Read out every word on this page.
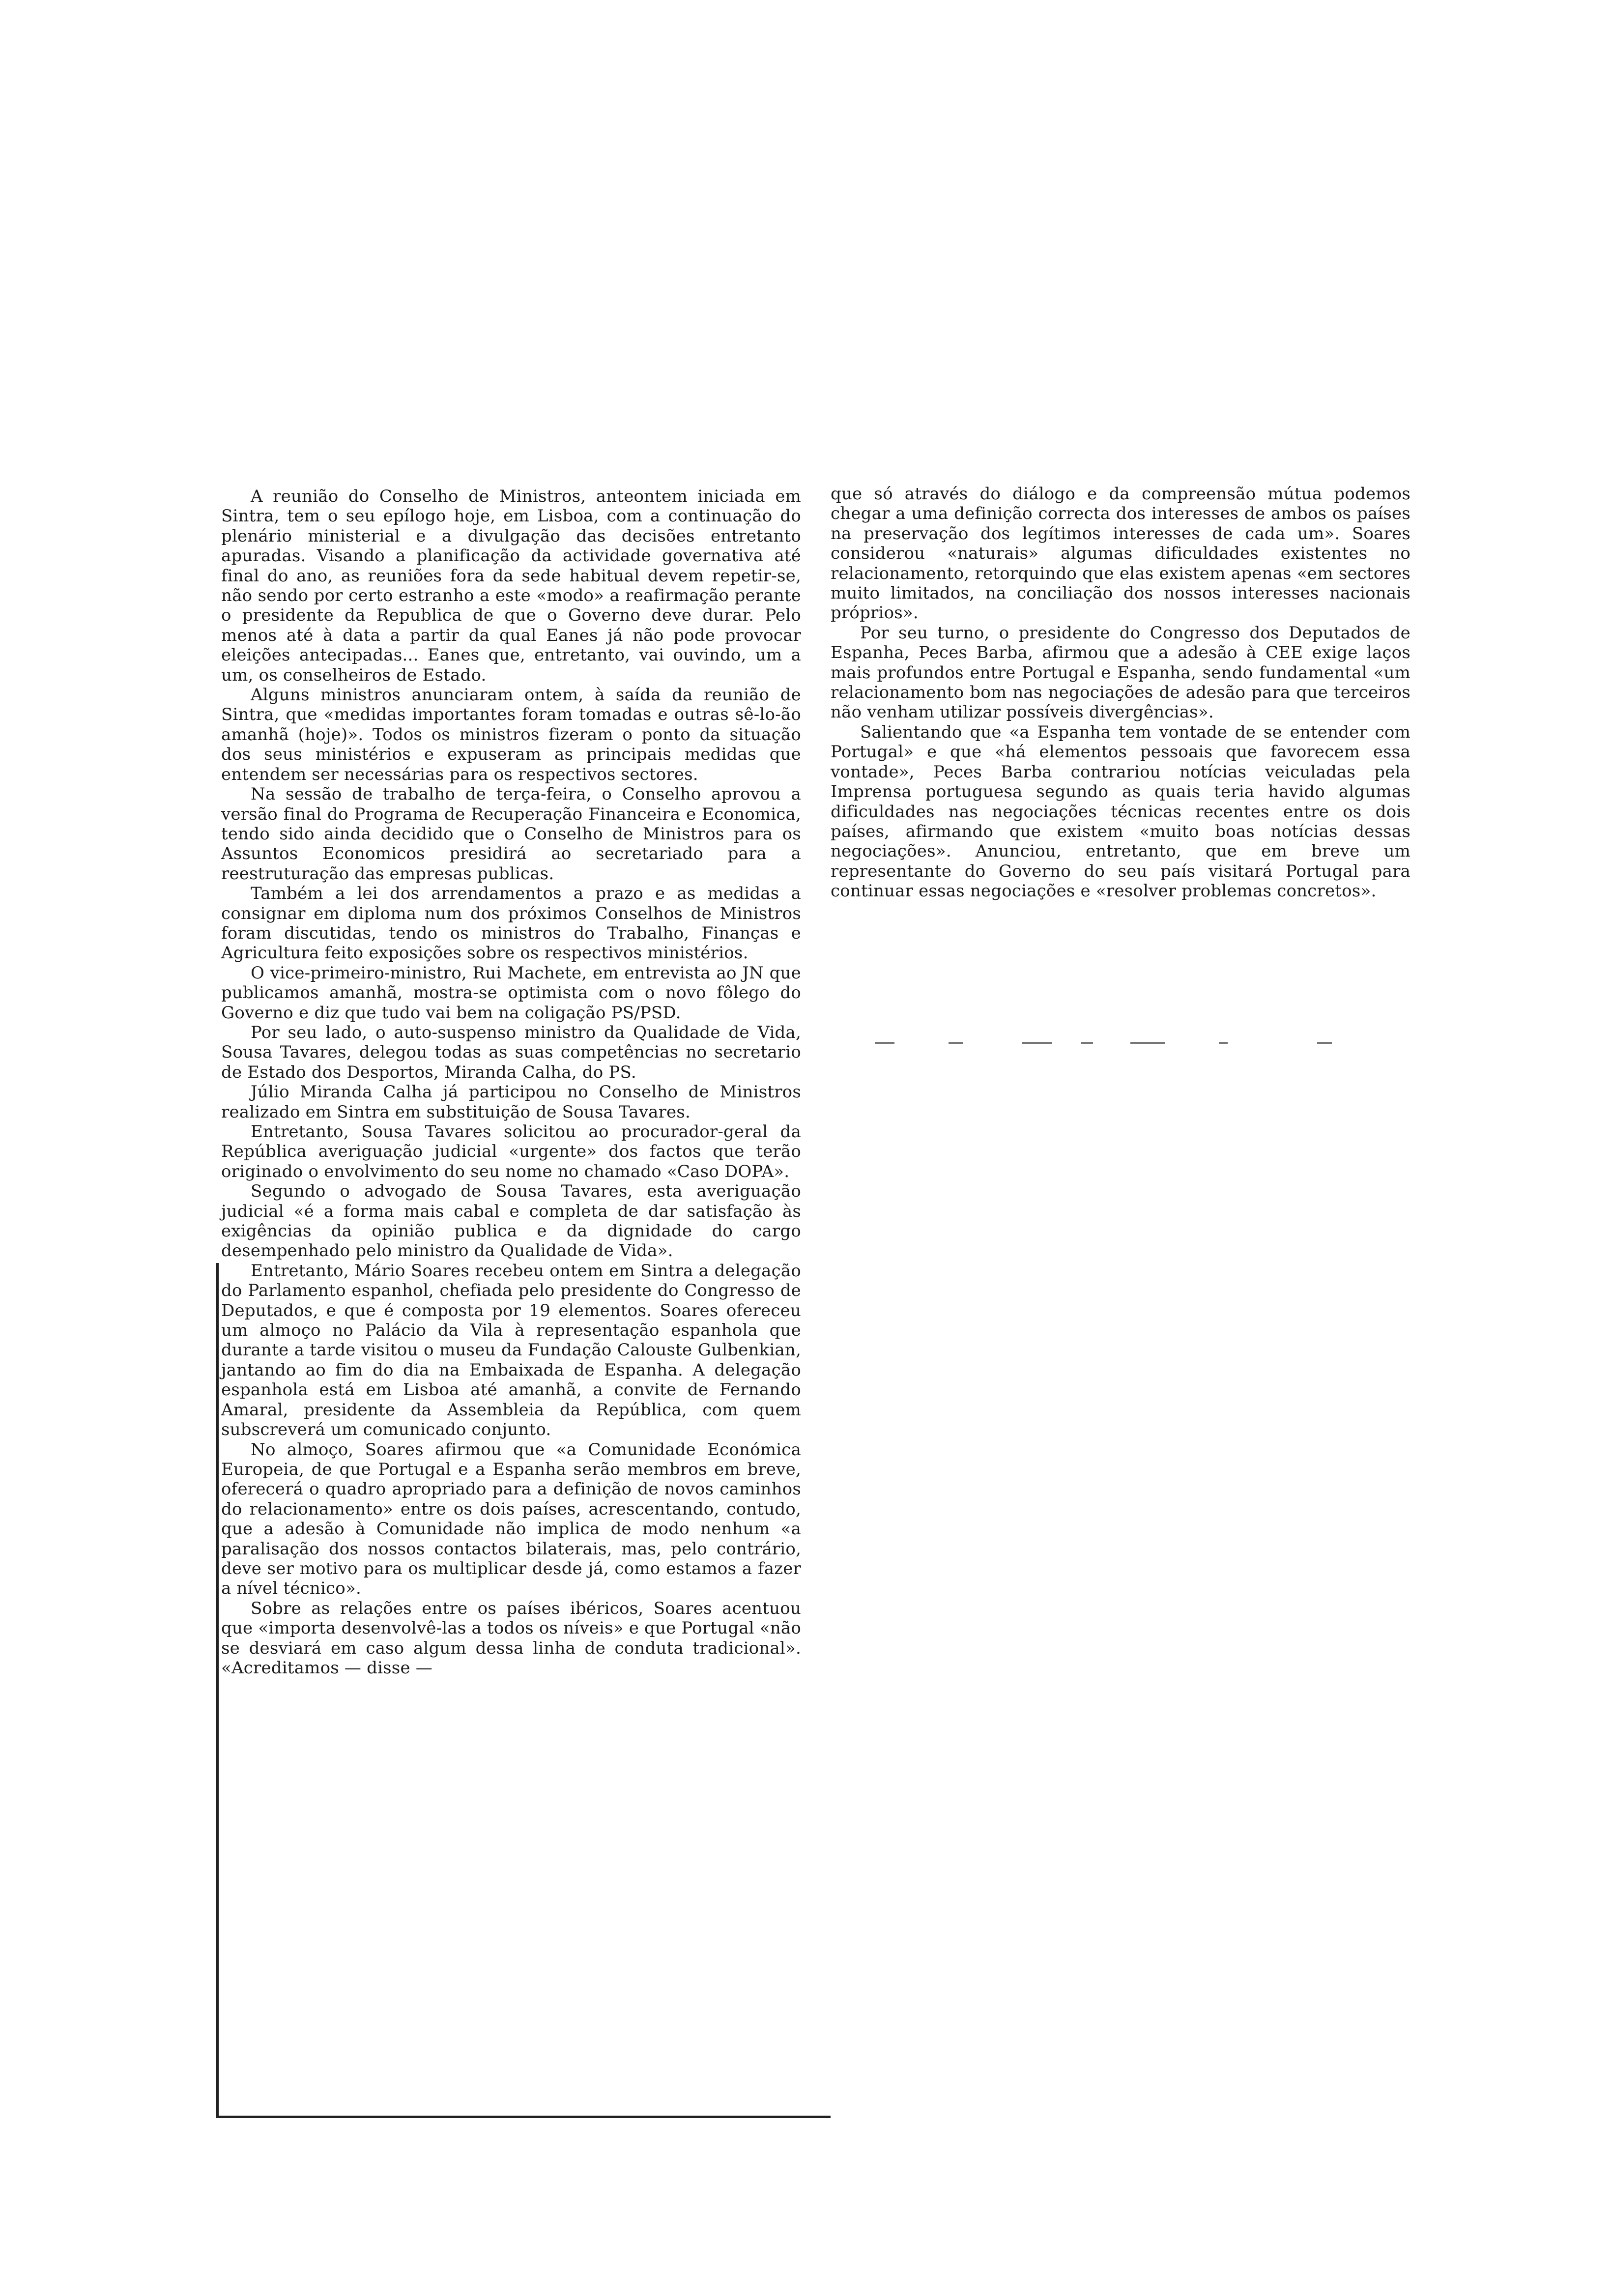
A reunião do Conselho de Ministros, anteontem iniciada em Sintra, tem o seu epílogo hoje, em Lisboa, com a continuação do plenário ministerial e a divulgação das decisões entretanto apuradas. Visando a planificação da actividade governativa até final do ano, as reuniões fora da sede habitual devem repetir-se, não sendo por certo estranho a este «modo» a reafirmação perante o presidente da Republica de que o Governo deve durar. Pelo menos até à data a partir da qual Eanes já não pode provocar eleições antecipadas... Eanes que, entretanto, vai ouvindo, um a um, os conselheiros de Estado.

Alguns ministros anunciaram ontem, à saída da reunião de Sintra, que «medidas importantes foram tomadas e outras sê-lo-ão amanhã (hoje)». Todos os ministros fizeram o ponto da situação dos seus ministérios e expuseram as principais medidas que entendem ser necessárias para os respectivos sectores.

Na sessão de trabalho de terça-feira, o Conselho aprovou a versão final do Programa de Recuperação Financeira e Economica, tendo sido ainda decidido que o Conselho de Ministros para os Assuntos Economicos presidirá ao secretariado para a reestruturação das empresas publicas.

Também a lei dos arrendamentos a prazo e as medidas a consignar em diploma num dos próximos Conselhos de Ministros foram discutidas, tendo os ministros do Trabalho, Finanças e Agricultura feito exposições sobre os respectivos ministérios.

O vice-primeiro-ministro, Rui Machete, em entrevista ao JN que publicamos amanhã, mostra-se optimista com o novo fôlego do Governo e diz que tudo vai bem na coligação PS/PSD.

Por seu lado, o auto-suspenso ministro da Qualidade de Vida, Sousa Tavares, delegou todas as suas competências no secretario de Estado dos Desportos, Miranda Calha, do PS.

Júlio Miranda Calha já participou no Conselho de Ministros realizado em Sintra em substituição de Sousa Tavares.

Entretanto, Sousa Tavares solicitou ao procurador-geral da República averiguação judicial «urgente» dos factos que terão originado o envolvimento do seu nome no chamado «Caso DOPA».

Segundo o advogado de Sousa Tavares, esta averiguação judicial «é a forma mais cabal e completa de dar satisfação às exigências da opinião publica e da dignidade do cargo desempenhado pelo ministro da Qualidade de Vida».

Entretanto, Mário Soares recebeu ontem em Sintra a delegação do Parlamento espanhol, chefiada pelo presidente do Congresso de Deputados, e que é composta por 19 elementos. Soares ofereceu um almoço no Palácio da Vila à representação espanhola que durante a tarde visitou o museu da Fundação Calouste Gulbenkian, jantando ao fim do dia na Embaixada de Espanha. A delegação espanhola está em Lisboa até amanhã, a convite de Fernando Amaral, presidente da Assembleia da República, com quem subscreverá um comunicado conjunto.

No almoço, Soares afirmou que «a Comunidade Económica Europeia, de que Portugal e a Espanha serão membros em breve, oferecerá o quadro apropriado para a definição de novos caminhos do relacionamento» entre os dois países, acrescentando, contudo, que a adesão à Comunidade não implica de modo nenhum «a paralisação dos nossos contactos bilaterais, mas, pelo contrário, deve ser motivo para os multiplicar desde já, como estamos a fazer a nível técnico».

Sobre as relações entre os países ibéricos, Soares acentuou que «importa desenvolvê-las a todos os níveis» e que Portugal «não se desviará em caso algum dessa linha de conduta tradicional». «Acreditamos — disse —

que só através do diálogo e da compreensão mútua podemos chegar a uma definição correcta dos interesses de ambos os países na preservação dos legítimos interesses de cada um». Soares considerou «naturais» algumas dificuldades existentes no relacionamento, retorquindo que elas existem apenas «em sectores muito limitados, na conciliação dos nossos interesses nacionais próprios».

Por seu turno, o presidente do Congresso dos Deputados de Espanha, Peces Barba, afirmou que a adesão à CEE exige laços mais profundos entre Portugal e Espanha, sendo fundamental «um relacionamento bom nas negociações de adesão para que terceiros não venham utilizar possíveis divergências».

Salientando que «a Espanha tem vontade de se entender com Portugal» e que «há elementos pessoais que favorecem essa vontade», Peces Barba contrariou notícias veiculadas pela Imprensa portuguesa segundo as quais teria havido algumas dificuldades nas negociações técnicas recentes entre os dois países, afirmando que existem «muito boas notícias dessas negociações». Anunciou, entretanto, que em breve um representante do Governo do seu país visitará Portugal para continuar essas negociações e «resolver problemas concretos».
